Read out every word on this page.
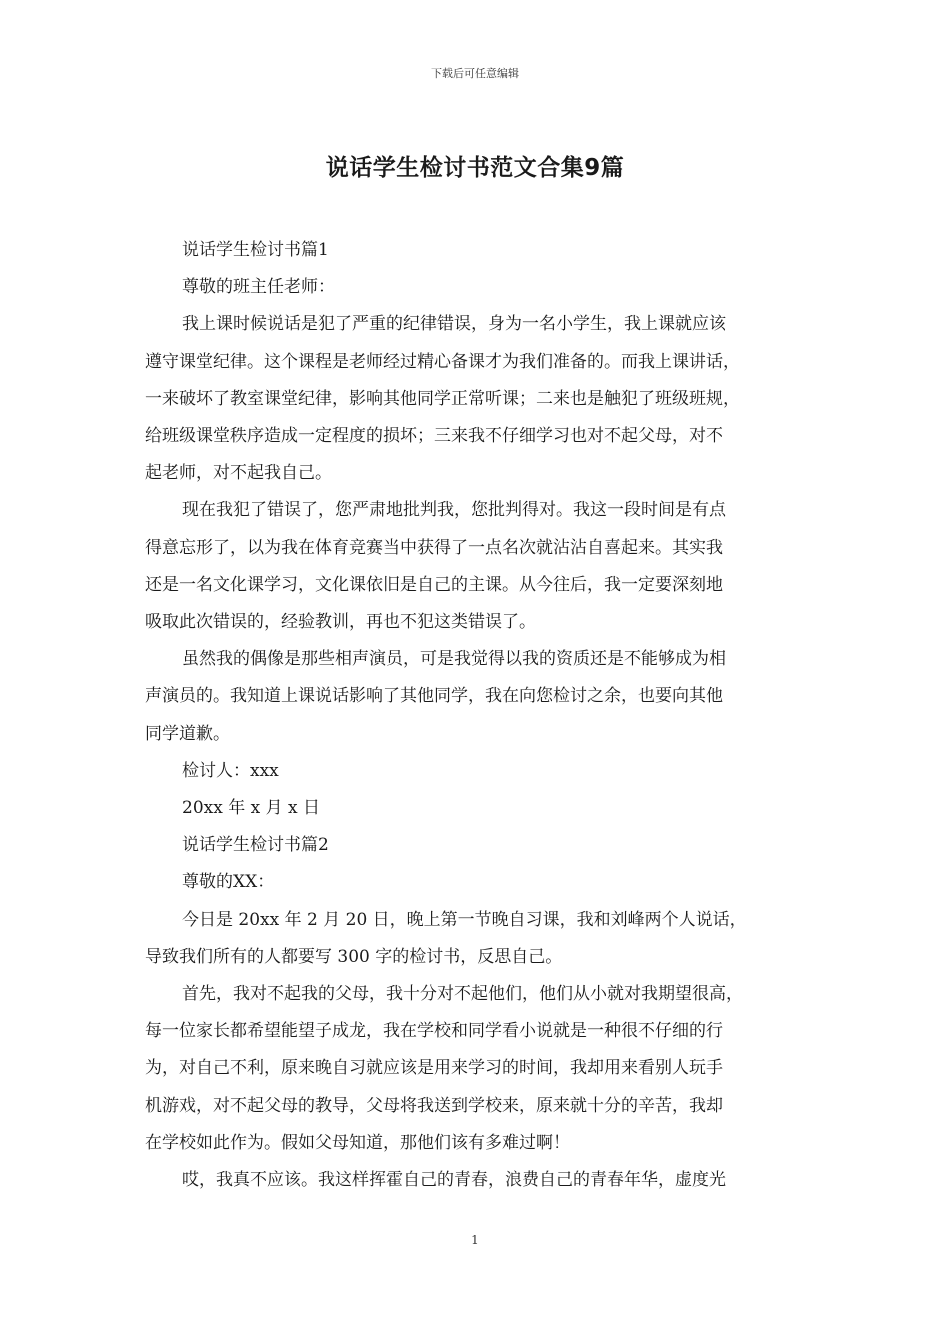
下载后可任意编辑
说话学生检讨书范文合集9篇

说话学生检讨书篇1

尊敬的班主任老师：

我上课时候说话是犯了严重的纪律错误，身为一名小学生，我上课就应该
遵守课堂纪律。这个课程是老师经过精心备课才为我们准备的。而我上课讲话，
一来破坏了教室课堂纪律，影响其他同学正常听课；二来也是触犯了班级班规，
给班级课堂秩序造成一定程度的损坏；三来我不仔细学习也对不起父母，对不
起老师，对不起我自己。

现在我犯了错误了，您严肃地批判我，您批判得对。我这一段时间是有点
得意忘形了，以为我在体育竞赛当中获得了一点名次就沾沾自喜起来。其实我
还是一名文化课学习，文化课依旧是自己的主课。从今往后，我一定要深刻地
吸取此次错误的，经验教训，再也不犯这类错误了。

虽然我的偶像是那些相声演员，可是我觉得以我的资质还是不能够成为相
声演员的。我知道上课说话影响了其他同学，我在向您检讨之余，也要向其他
同学道歉。

检讨人：xxx

20xx 年 x 月 x 日

说话学生检讨书篇2

尊敬的XX：

今日是 20xx 年 2 月 20 日，晚上第一节晚自习课，我和刘峰两个人说话，
导致我们所有的人都要写 300 字的检讨书，反思自己。

首先，我对不起我的父母，我十分对不起他们，他们从小就对我期望很高，
每一位家长都希望能望子成龙，我在学校和同学看小说就是一种很不仔细的行
为，对自己不利，原来晚自习就应该是用来学习的时间，我却用来看别人玩手
机游戏，对不起父母的教导，父母将我送到学校来，原来就十分的辛苦，我却
在学校如此作为。假如父母知道，那他们该有多难过啊！

哎，我真不应该。我这样挥霍自己的青春，浪费自己的青春年华，虚度光

1
